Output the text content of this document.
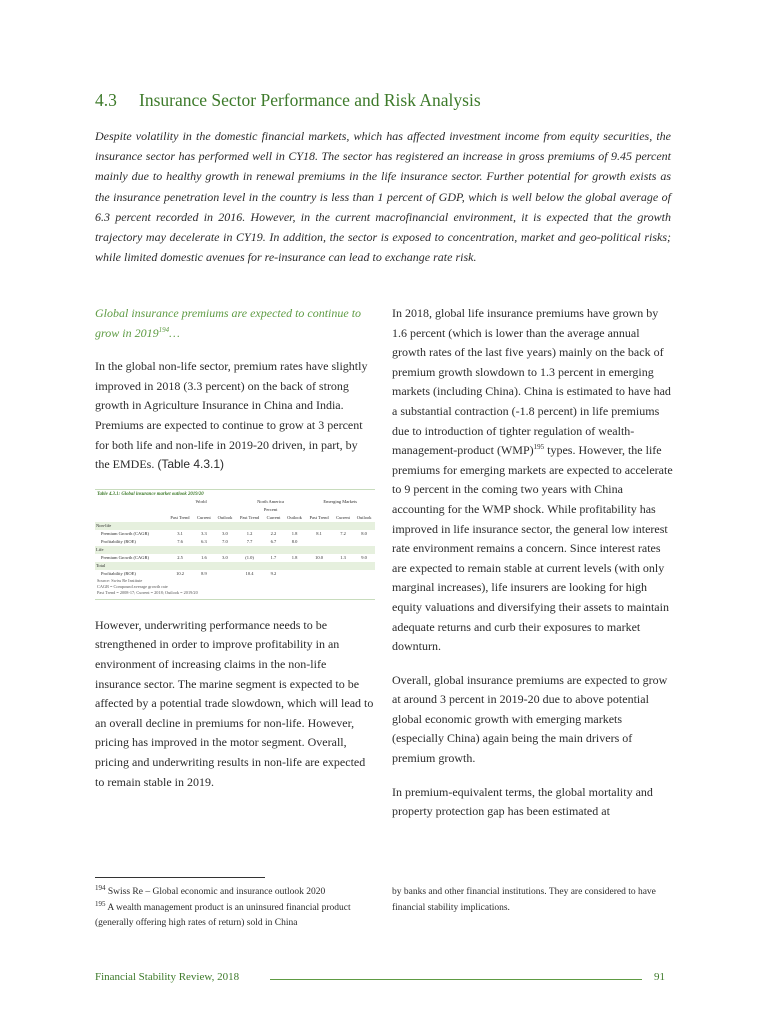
4.3 Insurance Sector Performance and Risk Analysis

Despite volatility in the domestic financial markets, which has affected investment income from equity securities, the insurance sector has performed well in CY18. The sector has registered an increase in gross premiums of 9.45 percent mainly due to healthy growth in renewal premiums in the life insurance sector. Further potential for growth exists as the insurance penetration level in the country is less than 1 percent of GDP, which is well below the global average of 6.3 percent recorded in 2016. However, in the current macrofinancial environment, it is expected that the growth trajectory may decelerate in CY19. In addition, the sector is exposed to concentration, market and geo-political risks; while limited domestic avenues for re-insurance can lead to exchange rate risk.

Global insurance premiums are expected to continue to grow in 2019$^{194}$…

In the global non-life sector, premium rates have slightly improved in 2018 (3.3 percent) on the back of strong growth in Agriculture Insurance in China and India. Premiums are expected to continue to grow at 3 percent for both life and non-life in 2019-20 driven, in part, by the EMDEs. (Table 4.3.1)

Table 4.3.1: Global insurance market outlook 2019/20
	World			North America			Emerging Markets		
	Percent								
	Past Trend	Current	Outlook	Past Trend	Current	Outlook	Past Trend	Current	Outlook
Non-life									
Premium Growth (CAGR)	3.1	3.3	3.0	1.2	2.2	1.8	8.1	7.2	8.0
Profitability (ROE)	7.6	6.3	7.0	7.7	6.7	8.0			
Life									
Premium Growth (CAGR)	2.5	1.6	3.0	(1.0)	1.7	1.8	10.0	1.3	9.0
Total									
Profitability (ROE)	10.2	8.9		10.4	9.2				
Source: Swiss Re Institute
CAGR = Compound average growth rate
Past Trend = 2008-17; Current = 2018; Outlook = 2019/20

However, underwriting performance needs to be strengthened in order to improve profitability in an environment of increasing claims in the non-life insurance sector. The marine segment is expected to be affected by a potential trade slowdown, which will lead to an overall decline in premiums for non-life. However, pricing has improved in the motor segment. Overall, pricing and underwriting results in non-life are expected to remain stable in 2019.

In 2018, global life insurance premiums have grown by 1.6 percent (which is lower than the average annual growth rates of the last five years) mainly on the back of premium growth slowdown to 1.3 percent in emerging markets (including China). China is estimated to have had a substantial contraction (-1.8 percent) in life premiums due to introduction of tighter regulation of wealth-management-product (WMP)$^{195}$ types. However, the life premiums for emerging markets are expected to accelerate to 9 percent in the coming two years with China accounting for the WMP shock. While profitability has improved in life insurance sector, the general low interest rate environment remains a concern. Since interest rates are expected to remain stable at current levels (with only marginal increases), life insurers are looking for high equity valuations and diversifying their assets to maintain adequate returns and curb their exposures to market downturn.

Overall, global insurance premiums are expected to grow at around 3 percent in 2019-20 due to above potential global economic growth with emerging markets (especially China) again being the main drivers of premium growth.

In premium-equivalent terms, the global mortality and property protection gap has been estimated at

$^{194}$ Swiss Re – Global economic and insurance outlook 2020

$^{195}$ A wealth management product is an uninsured financial product (generally offering high rates of return) sold in China

by banks and other financial institutions. They are considered to have financial stability implications.

Financial Stability Review, 2018	91
